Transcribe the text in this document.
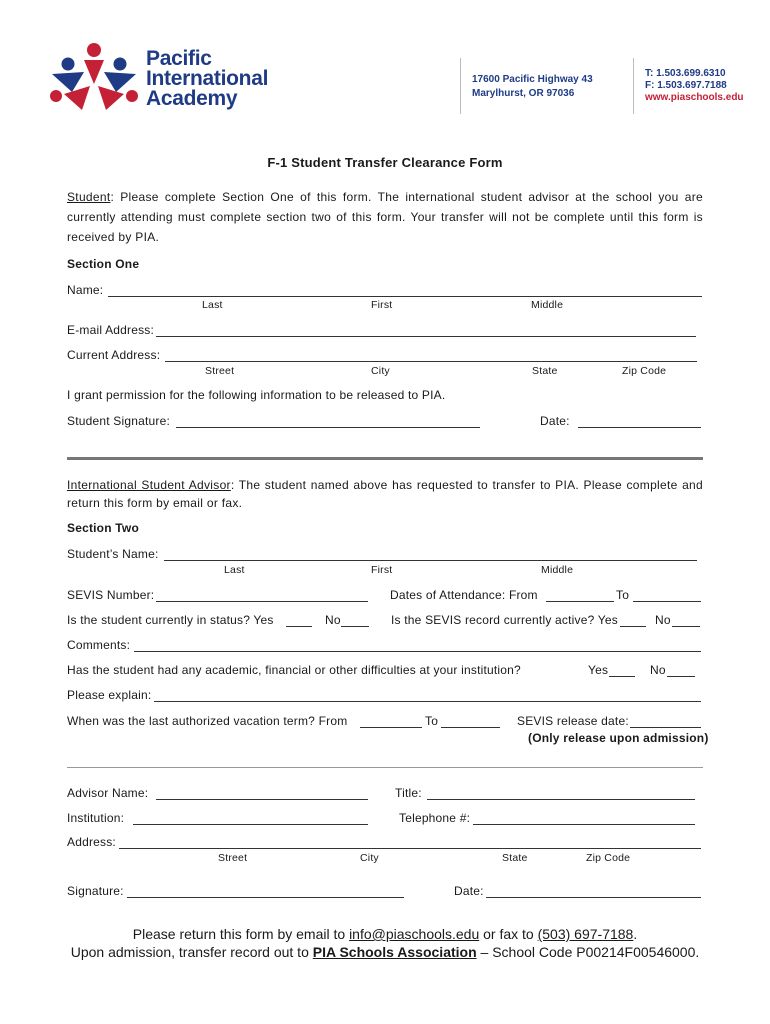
Pacific
International
Academy
17600 Pacific Highway 43
Marylhurst, OR 97036
T: 1.503.699.6310
F: 1.503.697.7188
www.piaschools.edu
F-1 Student Transfer Clearance Form
Student: Please complete Section One of this form. The international student advisor at the school you are currently attending must complete section two of this form. Your transfer will not be complete until this form is received by PIA.
Section One
Name:
Last	First	Middle
E-mail Address:
Current Address:
Street	City	State	Zip Code
I grant permission for the following information to be released to PIA.
Student Signature:	Date:
International Student Advisor: The student named above has requested to transfer to PIA. Please complete and return this form by email or fax.
Section Two
Student’s Name:
Last	First	Middle
SEVIS Number:	Dates of Attendance: From	To
Is the student currently in status? Yes	No	Is the SEVIS record currently active? Yes	No
Comments:
Has the student had any academic, financial or other difficulties at your institution?	Yes	No
Please explain:
When was the last authorized vacation term? From	To	SEVIS release date:
(Only release upon admission)
Advisor Name:	Title:
Institution:	Telephone #:
Address:
Street	City	State	Zip Code
Signature:	Date:
Please return this form by email to info@piaschools.edu or fax to (503) 697-7188.
Upon admission, transfer record out to PIA Schools Association – School Code P00214F00546000.
